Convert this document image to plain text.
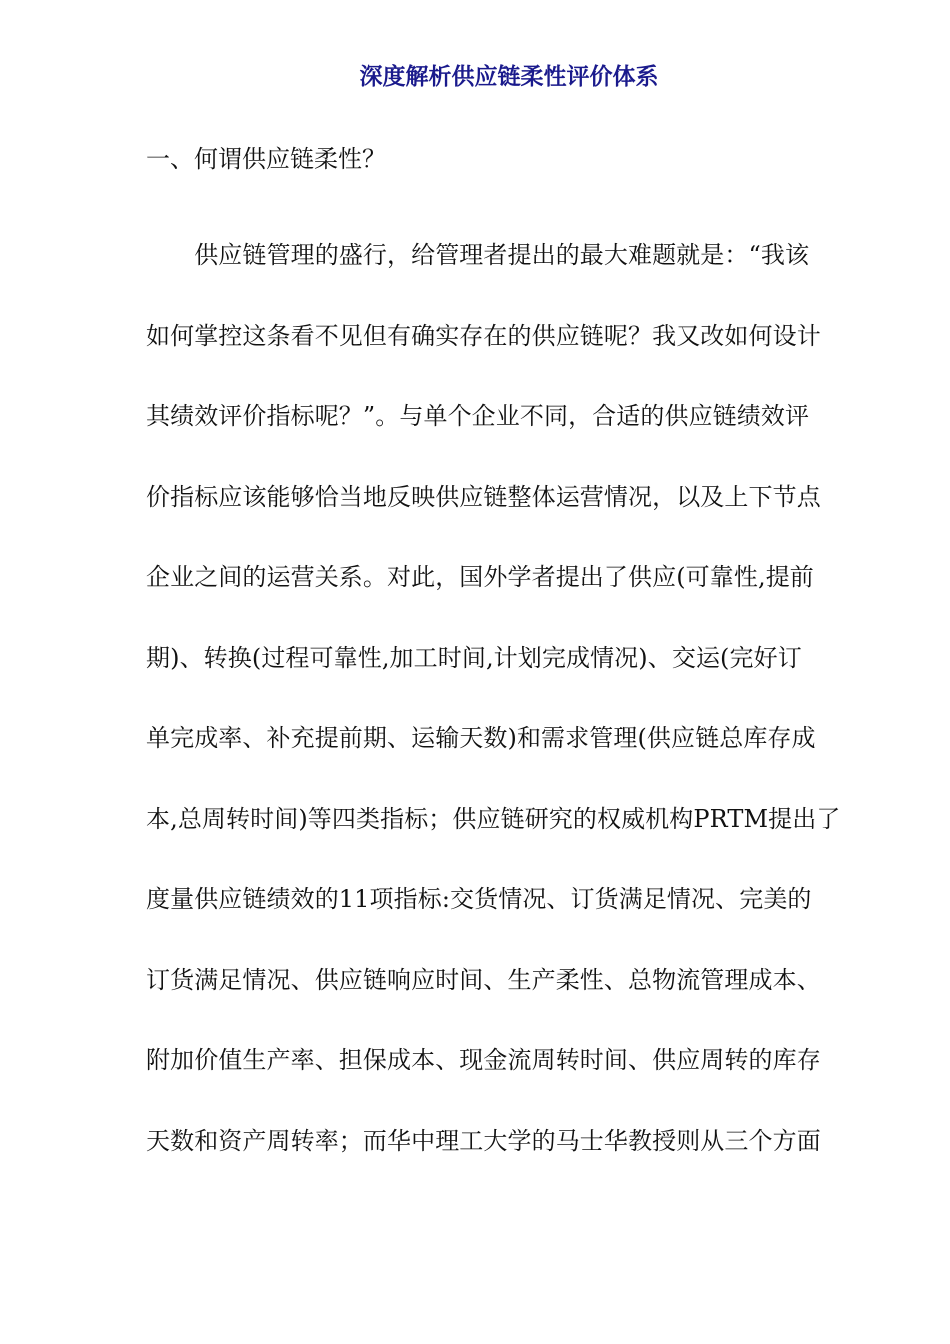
深度解析供应链柔性评价体系
一、何谓供应链柔性？
　　供应链管理的盛行，给管理者提出的最大难题就是：“我该
如何掌控这条看不见但有确实存在的供应链呢？我又改如何设计
其绩效评价指标呢？”。与单个企业不同，合适的供应链绩效评
价指标应该能够恰当地反映供应链整体运营情况，以及上下节点
企业之间的运营关系。对此，国外学者提出了供应(可靠性,提前
期)、转换(过程可靠性,加工时间,计划完成情况)、交运(完好订
单完成率、补充提前期、运输天数)和需求管理(供应链总库存成
本,总周转时间)等四类指标；供应链研究的权威机构PRTM提出了
度量供应链绩效的11项指标:交货情况、订货满足情况、完美的
订货满足情况、供应链响应时间、生产柔性、总物流管理成本、
附加价值生产率、担保成本、现金流周转时间、供应周转的库存
天数和资产周转率；而华中理工大学的马士华教授则从三个方面
